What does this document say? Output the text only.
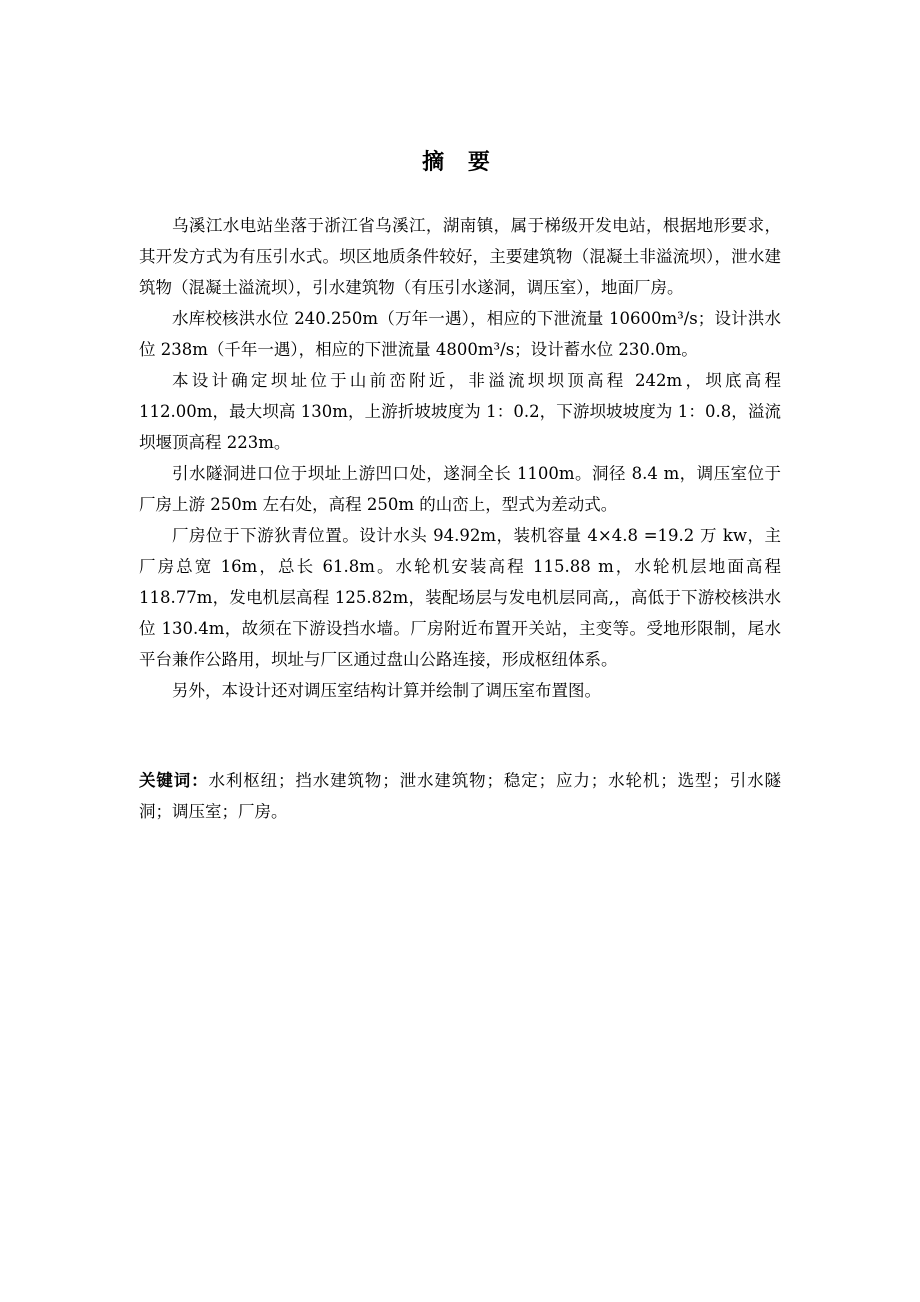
摘 要

乌溪江水电站坐落于浙江省乌溪江，湖南镇，属于梯级开发电站，根据地形要求，其开发方式为有压引水式。坝区地质条件较好，主要建筑物（混凝土非溢流坝），泄水建筑物（混凝土溢流坝），引水建筑物（有压引水遂洞，调压室），地面厂房。

水库校核洪水位 240.250m（万年一遇），相应的下泄流量 10600m³/s；设计洪水位 238m（千年一遇），相应的下泄流量 4800m³/s；设计蓄水位 230.0m。

本设计确定坝址位于山前峦附近，非溢流坝坝顶高程 242m，坝底高程 112.00m，最大坝高 130m，上游折坡坡度为 1：0.2，下游坝坡坡度为 1：0.8，溢流坝堰顶高程 223m。

引水隧洞进口位于坝址上游凹口处，遂洞全长 1100m。洞径 8.4 m，调压室位于厂房上游 250m 左右处，高程 250m 的山峦上，型式为差动式。

厂房位于下游狄青位置。设计水头 94.92m，装机容量 4×4.8 =19.2 万 kw，主厂房总宽 16m，总长 61.8m。水轮机安装高程 115.88 m，水轮机层地面高程 118.77m，发电机层高程 125.82m，装配场层与发电机层同高,，高低于下游校核洪水位 130.4m，故须在下游设挡水墙。厂房附近布置开关站，主变等。受地形限制，尾水平台兼作公路用，坝址与厂区通过盘山公路连接，形成枢纽体系。

另外，本设计还对调压室结构计算并绘制了调压室布置图。

关键词：水利枢纽；挡水建筑物；泄水建筑物；稳定；应力；水轮机；选型；引水隧洞；调压室；厂房。
